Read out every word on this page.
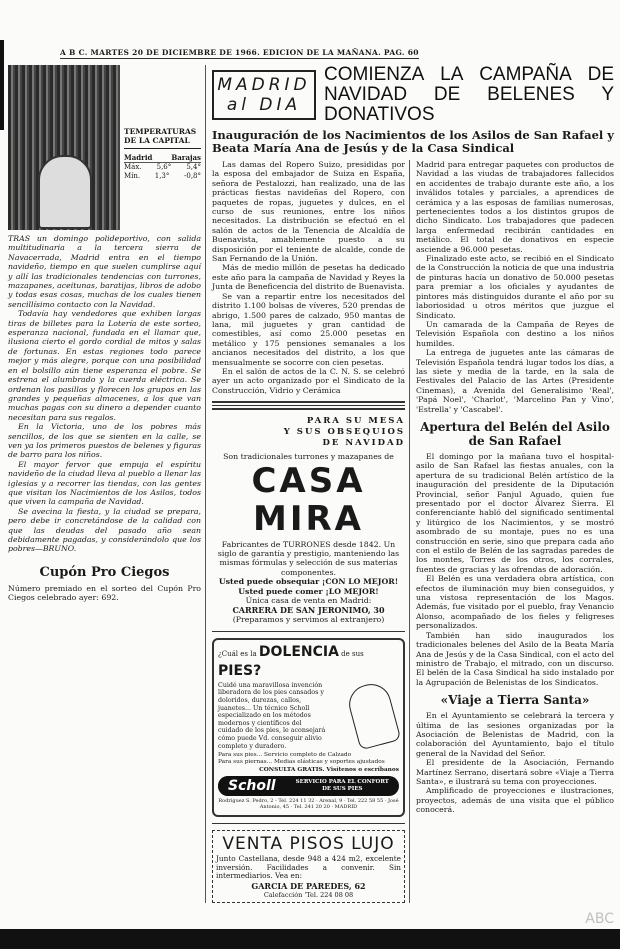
A B C. MARTES 20 DE DICIEMBRE DE 1966. EDICION DE LA MAÑANA. PAG. 60
TEMPERATURAS DE LA CAPITAL
Madrid	Barajas
Máx. 5,6° 5,4°
Mín. 1,3° -0,8°

TRAS un domingo polideportivo, con salida multitudinaria a la tercera sierra de Navacerrada, Madrid entra en el tiempo navideño, tiempo en que suelen cumplirse aquí y allí las tradicionales tendencias con turrones, mazapanes, aceitunas, baratijas, libros de adobo y todas esas cosas, muchas de los cuales tienen sencillísimo contacto con la Navidad.

Todavía hay vendedores que exhiben largas tiras de billetes para la Lotería de este sorteo, esperanza nacional, fundada en el llamar que, ilusiona cierto el gordo cordial de mitos y salas de fortunas. En estas regiones todo parece mejor y más alegre, porque con una posibilidad en el bolsillo aún tiene esperanza el pobre. Se estrena el alumbrado y la cuerda eléctrica. Se ordenan los pasillos y florecen los grupos en las grandes y pequeñas almacenes, a los que van muchas pagas con su dinero a depender cuanto necesitan para sus regalos.

En la Victoria, uno de los pobres más sencillos, de los que se sienten en la calle, se ven ya los primeros puestos de belenes y figuras de barro para los niños.

El mayor fervor que empuja el espíritu navideño de la ciudad lleva al pueblo a llenar las iglesias y a recorrer las tiendas, con las gentes que visitan los Nacimientos de los Asilos, todos que viven la campaña de Navidad.

Se avecina la fiesta, y la ciudad se prepara, pero debe ir concretándose de la calidad con que las deudas del pasado año sean debidamente pagadas, y considerándolo que los pobres—BRUNO.

Cupón Pro Ciegos
Número premiado en el sorteo del Cupón Pro Ciegos celebrado ayer: 692.
MADRID
al DIA
COMIENZA LA CAMPAÑA DE NAVIDAD DE BELENES Y DONATIVOS
Inauguración de los Nacimientos de los Asilos de San Rafael y Beata María Ana de Jesús y de la Casa Sindical

Las damas del Ropero Suizo, presididas por la esposa del embajador de Suiza en España, señora de Pestalozzi, han realizado, una de las prácticas fiestas navideñas del Ropero, con paquetes de ropas, juguetes y dulces, en el curso de sus reuniones, entre los niños necesitados. La distribución se efectuó en el salón de actos de la Tenencia de Alcaldía de Buenavista, amablemente puesto a su disposición por el teniente de alcalde, conde de San Fernando de la Unión.

Más de medio millón de pesetas ha dedicado este año para la campaña de Navidad y Reyes la Junta de Beneficencia del distrito de Buenavista.

Se van a repartir entre los necesitados del distrito 1.100 bolsas de víveres, 520 prendas de abrigo, 1.500 pares de calzado, 950 mantas de lana, mil juguetes y gran cantidad de comestibles, así como 25.000 pesetas en metálico y 175 pensiones semanales a los ancianos necesitados del distrito, a los que mensualmente se socorre con cien pesetas.

En el salón de actos de la C. N. S. se celebró ayer un acto organizado por el Sindicato de la Construcción, Vidrio y Cerámica

PARA SU MESA
Y SUS OBSEQUIOS
DE NAVIDAD
Son tradicionales turrones y mazapanes de
CASA MIRA
Fabricantes de TURRONES desde 1842. Un siglo de garantía y prestigio, manteniendo las mismas fórmulas y selección de sus materias componentes.
Usted puede obsequiar ¡CON LO MEJOR!
Usted puede comer ¡LO MEJOR!
Única casa de venta en Madrid:
CARRERA DE SAN JERONIMO, 30
(Preparamos y servimos al extranjero)
¿Cuál es la DOLENCIA de sus PIES?
Cuidé una maravillosa invención liberadora de los pies cansados y doloridos, durezas, callos, juanetes... Un técnico Scholl especializado en los métodos modernos y científicos del cuidado de los pies, le aconsejará cómo puede Vd. conseguir alivio completo y duradero.
Para sus pies... Servicio completo de Calzado
Para sus piernas... Medias elásticas y soportes ajustados
CONSULTA GRATIS. Visítenos o escríbanos
Scholl	SERVICIO PARA EL CONFORT DE SUS PIES
Rodríguez S. Pedro, 2 - Tel. 224 11 32 · Arenal, 9 · Tel. 222 58 55 · José Antonio, 45 · Tel. 241 20 20 · MADRID
VENTA PISOS LUJO
Junto Castellana, desde 948 a 424 m2, excelente inversión. Facilidades a convenir. Sin intermediarios. Vea en:
GARCIA DE PAREDES, 62
Calefacción 'Tel. 224 08 08

Madrid para entregar paquetes con productos de Navidad a las viudas de trabajadores fallecidos en accidentes de trabajo durante este año, a los inválidos totales y parciales, a aprendices de cerámica y a las esposas de familias numerosas, pertenecientes todos a los distintos grupos de dicho Sindicato. Los trabajadores que padecen larga enfermedad recibirán cantidades en metálico. El total de donativos en especie asciende a 96.000 pesetas.

Finalizado este acto, se recibió en el Sindicato de la Construcción la noticia de que una industria de pinturas hacía un donativo de 50.000 pesetas para premiar a los oficiales y ayudantes de pintores más distinguidos durante el año por su laboriosidad u otros méritos que juzgue el Sindicato.

Un camarada de la Campaña de Reyes de Televisión Española con destino a los niños humildes.

La entrega de juguetes ante las cámaras de Televisión Española tendrá lugar todos los días, a las siete y media de la tarde, en la sala de Festivales del Palacio de las Artes (Presidente Cinemas), a Avenida del Generalísimo 'Real', 'Papá Noel', 'Charlot', 'Marcelino Pan y Vino', 'Estrella' y 'Cascabel'.

Apertura del Belén del Asilo de San Rafael

El domingo por la mañana tuvo el hospital-asilo de San Rafael las fiestas anuales, con la apertura de su tradicional Belén artístico de la inauguración del presidente de la Diputación Provincial, señor Fanjul Aguado, quien fue presentado por el doctor Álvarez Sierra. El conferenciante habló del significado sentimental y litúrgico de los Nacimientos, y se mostró asombrado de su montaje, pues no es una construcción en serie, sino que prepara cada año con el estilo de Belén de las sagradas paredes de los montes, Torres de los otros, los corrales, fuentes de gracias y las ofrendas de adoración.

El Belén es una verdadera obra artística, con efectos de iluminación muy bien conseguidos, y una vistosa representación de los Magos. Además, fue visitado por el pueblo, fray Venancio Alonso, acompañado de los fieles y feligreses personalizados.

También han sido inaugurados los tradicionales belenes del Asilo de la Beata María Ana de Jesús y de la Casa Sindical, con el acto del ministro de Trabajo, el mitrado, con un discurso. El belén de la Casa Sindical ha sido instalado por la Agrupación de Belenistas de los Sindicatos.

«Viaje a Tierra Santa»

En el Ayuntamiento se celebrará la tercera y última de las sesiones organizadas por la Asociación de Belenistas de Madrid, con la colaboración del Ayuntamiento, bajo el título general de la Navidad del Señor.

El presidente de la Asociación, Fernando Martínez Serrano, disertará sobre «Viaje a Tierra Santa», e ilustrará su tema con proyecciones.

Amplificado de proyecciones e ilustraciones, proyectos, además de una visita que el público conocerá.

ABC
